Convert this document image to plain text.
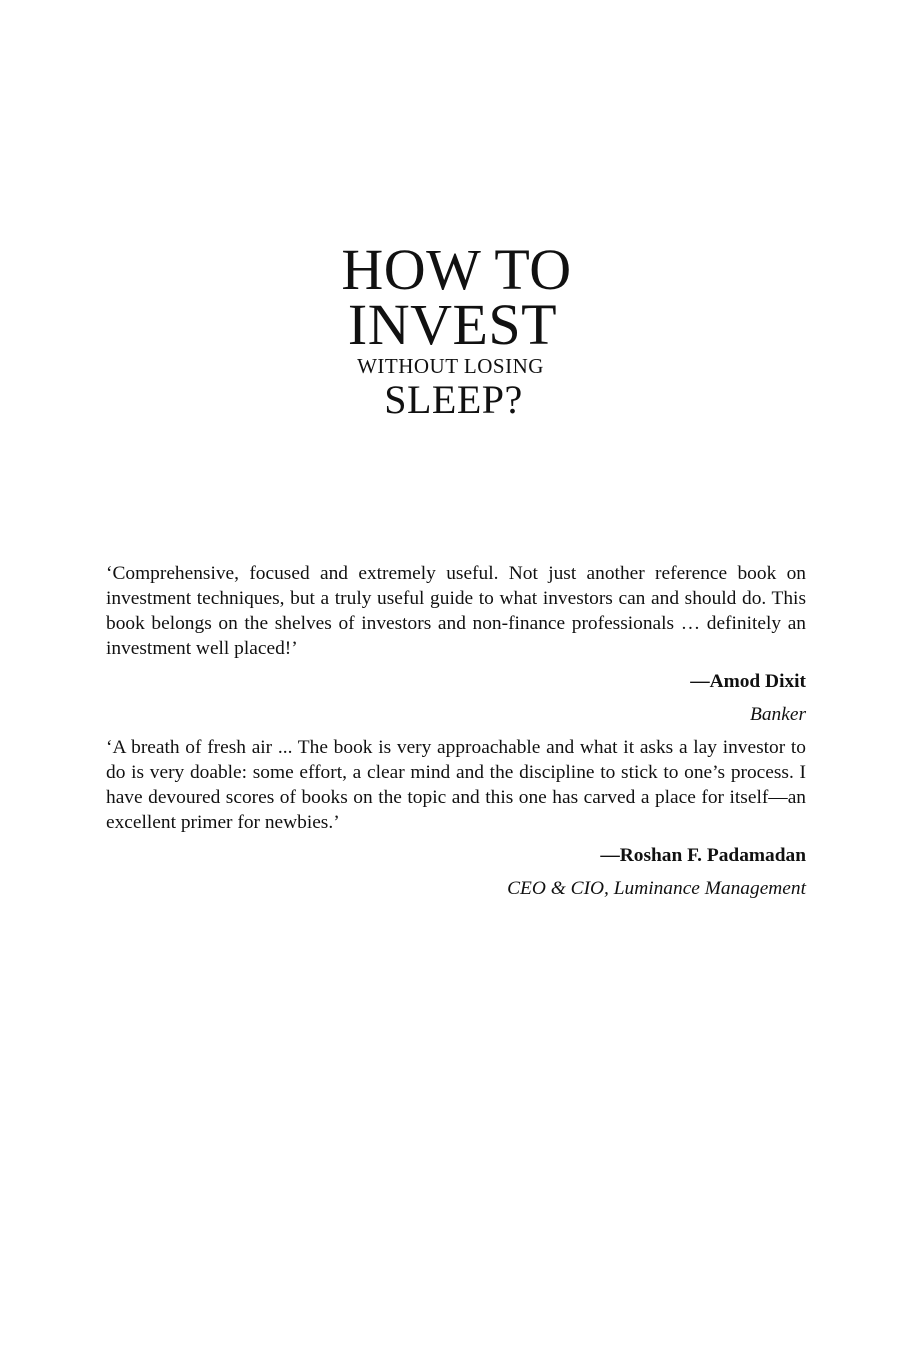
HOW TO
INVEST
WITHOUT LOSING
SLEEP?

‘Comprehensive, focused and extremely useful. Not just another reference book on investment techniques, but a truly useful guide to what investors can and should do. This book belongs on the shelves of investors and non-finance professionals … definitely an investment well placed!’

—Amod Dixit
Banker

‘A breath of fresh air ... The book is very approachable and what it asks a lay investor to do is very doable: some effort, a clear mind and the discipline to stick to one’s process. I have devoured scores of books on the topic and this one has carved a place for itself—an excellent primer for newbies.’

—Roshan F. Padamadan
CEO & CIO, Luminance Management
